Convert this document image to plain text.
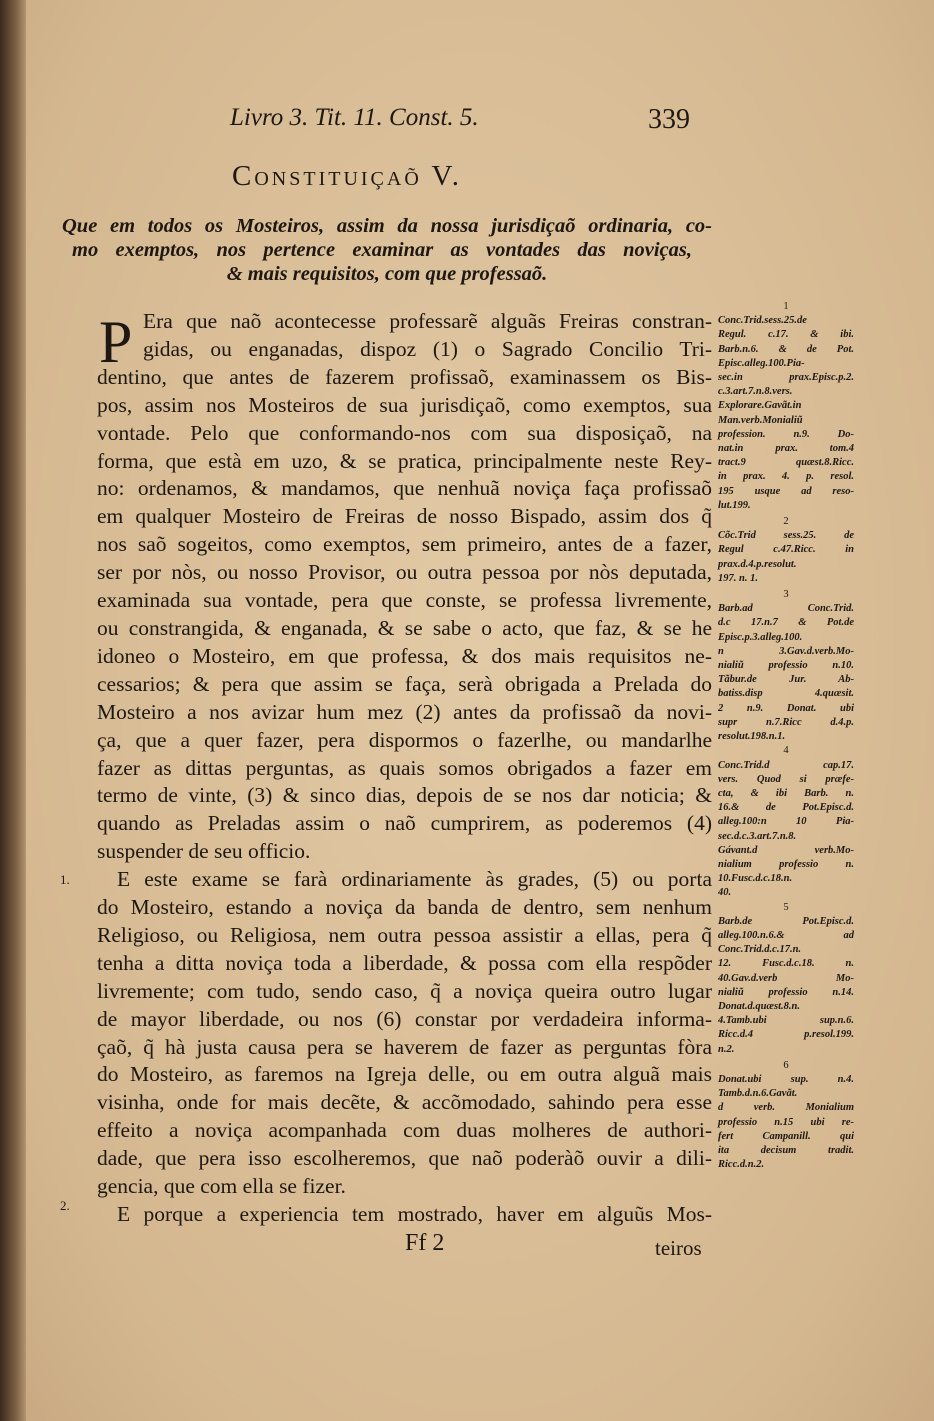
Livro 3. Tit. 11. Const. 5.	339
Constituiçaõ V.
Que em todos os Mosteiros, assim da nossa jurisdiçaõ ordinaria, co-
mo exemptos, nos pertence examinar as vontades das noviças,
& mais requisitos, com que professaõ.
P Era que naõ acontecesse professarẽ alguãs Freiras constran-
gidas, ou enganadas, dispoz (1) o Sagrado Concilio Tri-
dentino, que antes de fazerem profissaõ, examinassem os Bis-
pos, assim nos Mosteiros de sua jurisdiçaõ, como exemptos, sua
vontade. Pelo que conformando-nos com sua disposiçaõ, na
forma, que està em uzo, & se pratica, principalmente neste Rey-
no: ordenamos, & mandamos, que nenhuã noviça faça profissaõ
em qualquer Mosteiro de Freiras de nosso Bispado, assim dos q̃
nos saõ sogeitos, como exemptos, sem primeiro, antes de a fazer,
ser por nòs, ou nosso Provisor, ou outra pessoa por nòs deputada,
examinada sua vontade, pera que conste, se professa livremente,
ou constrangida, & enganada, & se sabe o acto, que faz, & se he
idoneo o Mosteiro, em que professa, & dos mais requisitos ne-
cessarios; & pera que assim se faça, serà obrigada a Prelada do
Mosteiro a nos avizar hum mez (2) antes da profissaõ da novi-
ça, que a quer fazer, pera dispormos o fazerlhe, ou mandarlhe
fazer as dittas perguntas, as quais somos obrigados a fazer em
termo de vinte, (3) & sinco dias, depois de se nos dar noticia; &
quando as Preladas assim o naõ cumprirem, as poderemos (4)
suspender de seu officio.
E este exame se farà ordinariamente às grades, (5) ou porta
do Mosteiro, estando a noviça da banda de dentro, sem nenhum
Religioso, ou Religiosa, nem outra pessoa assistir a ellas, pera q̃
tenha a ditta noviça toda a liberdade, & possa com ella respõder
livremente; com tudo, sendo caso, q̃ a noviça queira outro lugar
de mayor liberdade, ou nos (6) constar por verdadeira informa-
çaõ, q̃ hà justa causa pera se haverem de fazer as perguntas fòra
do Mosteiro, as faremos na Igreja delle, ou em outra alguã mais
visinha, onde for mais decẽte, & accõmodado, sahindo pera esse
effeito a noviça acompanhada com duas molheres de authori-
dade, que pera isso escolheremos, que naõ poderàõ ouvir a dili-
gencia, que com ella se fizer.
E porque a experiencia tem mostrado, haver em alguũs Mos-
1.
2.
1
Conc.Trid.sess.25.de
Regul. c.17. & ibi.
Barb.n.6. & de Pot.
Episc.alleg.100.Pia-
sec.in prax.Episc.p.2.
c.3.art.7.n.8.vers.
Explorare.Gavãt.in
Man.verb.Monialiũ
profession. n.9. Do-
nat.in prax. tom.4
tract.9 quæst.8.Ricc.
in prax. 4. p. resol.
195 usque ad reso-
lut.199.
2
Cõc.Trid sess.25. de
Regul c.47.Ricc. in
prax.d.4.p.resolut.
197. n. 1.
3
Barb.ad Conc.Trid.
d.c 17.n.7 & Pot.de
Episc.p.3.alleg.100.
n 3.Gav.d.verb.Mo-
nialiũ professio n.10.
Tãbur.de Jur. Ab-
batiss.disp 4.quæsit.
2 n.9. Donat. ubi
supr n.7.Ricc d.4.p.
resolut.198.n.1.
4
Conc.Trid.d cap.17.
vers. Quod si præfe-
cta, & ibi Barb. n.
16.& de Pot.Episc.d.
alleg.100:n 10 Pia-
sec.d.c.3.art.7.n.8.
Gávant.d verb.Mo-
nialium professio n.
10.Fusc.d.c.18.n.
40.
5
Barb.de Pot.Episc.d.
alleg.100.n.6.& ad
Conc.Trid.d.c.17.n.
12. Fusc.d.c.18. n.
40.Gav.d.verb Mo-
nialiũ professio n.14.
Donat.d.quæst.8.n.
4.Tamb.ubi sup.n.6.
Ricc.d.4 p.resol.199.
n.2.
6
Donat.ubi sup. n.4.
Tamb.d.n.6.Gavãt.
d verb. Monialium
professio n.15 ubi re-
fert Campanill. qui
ita decisum tradit.
Ricc.d.n.2.
Ff 2	teiros
